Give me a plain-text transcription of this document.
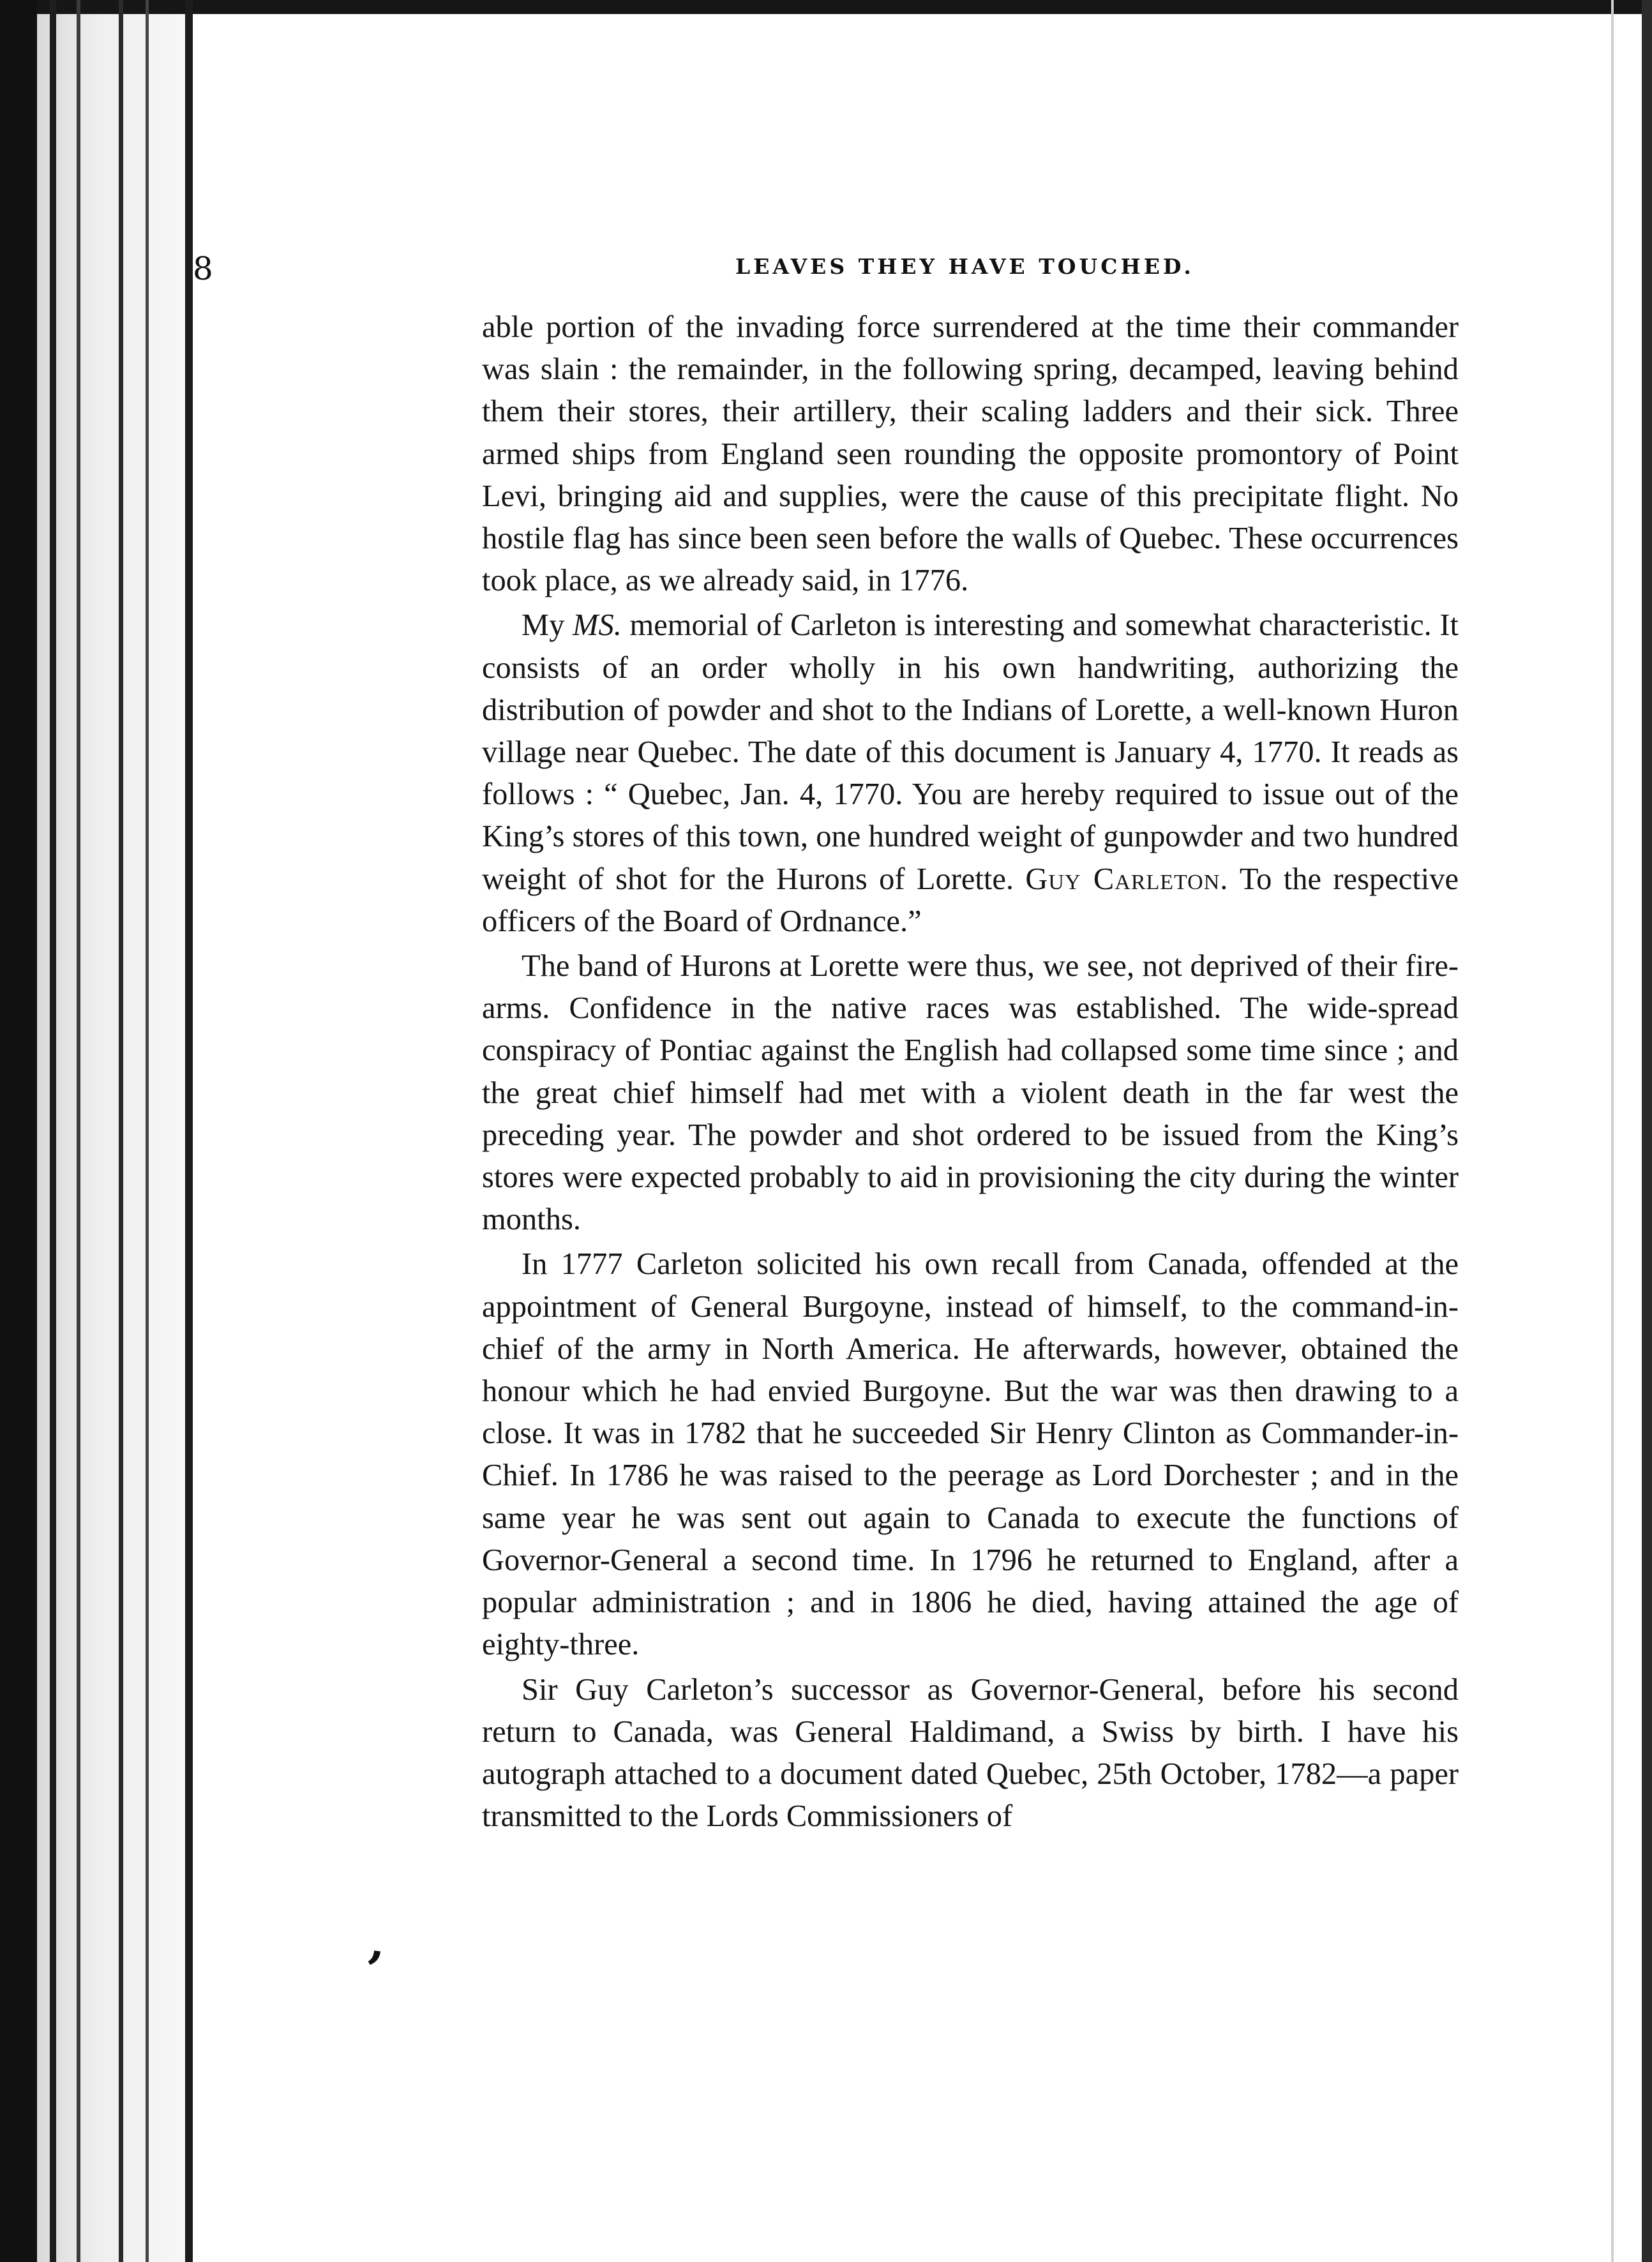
8	LEAVES THEY HAVE TOUCHED.

able portion of the invading force surrendered at the time their commander was slain : the remainder, in the following spring, decamped, leaving behind them their stores, their artillery, their scaling ladders and their sick. Three armed ships from England seen rounding the opposite promontory of Point Levi, bringing aid and supplies, were the cause of this precipitate flight. No hostile flag has since been seen before the walls of Quebec. These occurrences took place, as we already said, in 1776.

My MS. memorial of Carleton is interesting and somewhat characteristic. It consists of an order wholly in his own handwriting, authorizing the distribution of powder and shot to the Indians of Lorette, a well-known Huron village near Quebec. The date of this document is January 4, 1770. It reads as follows : “ Quebec, Jan. 4, 1770. You are hereby required to issue out of the King’s stores of this town, one hundred weight of gunpowder and two hundred weight of shot for the Hurons of Lorette. Guy Carleton. To the respective officers of the Board of Ordnance.”

The band of Hurons at Lorette were thus, we see, not deprived of their fire-arms. Confidence in the native races was established. The wide-spread conspiracy of Pontiac against the English had collapsed some time since ; and the great chief himself had met with a violent death in the far west the preceding year. The powder and shot ordered to be issued from the King’s stores were expected probably to aid in provisioning the city during the winter months.

In 1777 Carleton solicited his own recall from Canada, offended at the appointment of General Burgoyne, instead of himself, to the command-in-chief of the army in North America. He afterwards, however, obtained the honour which he had envied Burgoyne. But the war was then drawing to a close. It was in 1782 that he succeeded Sir Henry Clinton as Commander-in-Chief. In 1786 he was raised to the peerage as Lord Dorchester ; and in the same year he was sent out again to Canada to execute the functions of Governor-General a second time. In 1796 he returned to England, after a popular administration ; and in 1806 he died, having attained the age of eighty-three.

Sir Guy Carleton’s successor as Governor-General, before his second return to Canada, was General Haldimand, a Swiss by birth. I have his autograph attached to a document dated Quebec, 25th October, 1782—a paper transmitted to the Lords Commissioners of

,
